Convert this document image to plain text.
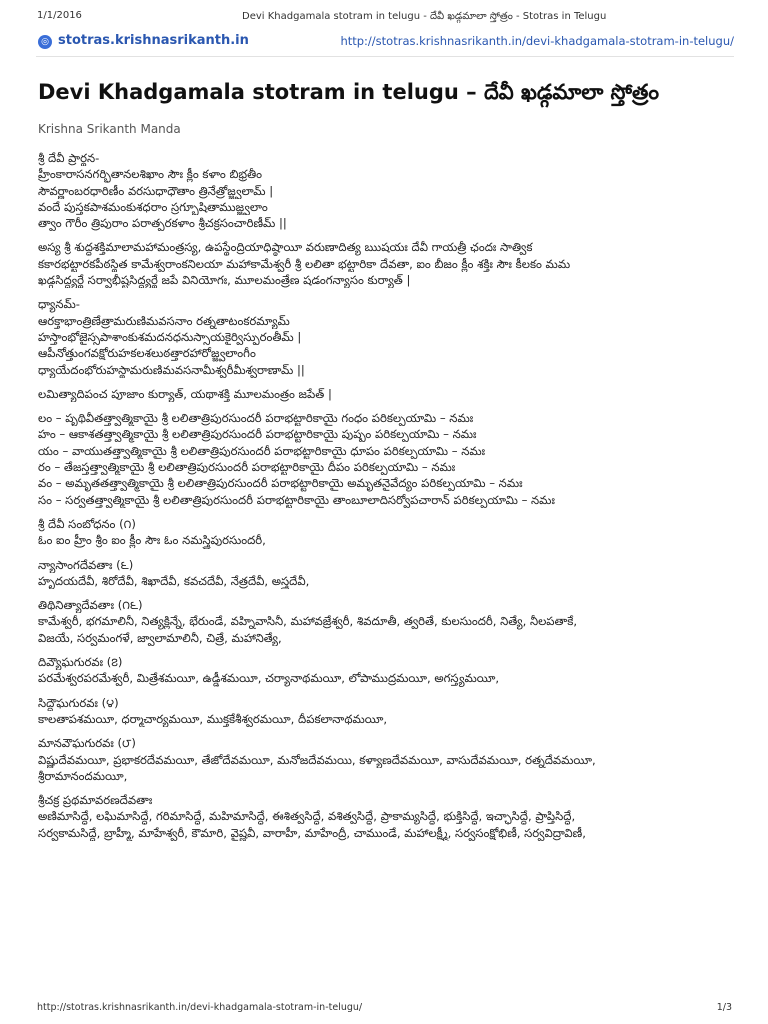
1/1/2016	Devi Khadgamala stotram in telugu - దేవీ ఖడ్గమాలా స్తోత్రం - Stotras in Telugu
◎ stotras.krishnasrikanth.in	http://stotras.krishnasrikanth.in/devi-khadgamala-stotram-in-telugu/
Devi Khadgamala stotram in telugu – దేవీ ఖడ్గమాలా స్తోత్రం
Krishna Srikanth Manda
శ్రీ దేవీ ప్రార్థన-
హ్రీంకారాసనగర్భితానలశిఖాం సౌః క్లీం కళాం బిభ్రతీం
సౌవర్ణాంబరధారిణీం వరసుధాధౌతాం త్రినేత్రోజ్జ్వలామ్ |
వందే పుస్తకపాశమంకుశధరాం స్రగ్భూషితాముజ్జ్వలాం
త్వాం గౌరీం త్రిపురాం పరాత్పరకళాం శ్రీచక్రసంచారిణీమ్ ||
అస్య శ్రీ శుద్ధశక్తిమాలామహామంత్రస్య, ఉపస్థేంద్రియాధిష్ఠాయీ వరుణాదిత్య ఋషయః దేవీ గాయత్రీ ఛందః సాత్విక
కకారభట్టారకపీఠస్థిత కామేశ్వరాంకనిలయా మహాకామేశ్వరీ శ్రీ లలితా భట్టారికా దేవతా, ఐం బీజం క్లీం శక్తిః సౌః కీలకం మమ
ఖడ్గసిద్ధ్యర్థే సర్వాభీష్టసిద్ధ్యర్థే జపే వినియోగః, మూలమంత్రేణ షడంగన్యాసం కుర్యాత్ |
ధ్యానమ్-
ఆరక్తాభాంత్రిణేత్రామరుణిమవసనాం రత్నతాటంకరమ్యామ్
హస్తాంభోజైస్సపాశాంకుశమదనధనుస్సాయకైర్విస్ఫురంతీమ్ |
ఆపీనోత్తుంగవక్షోరుహకలశలుఠత్తారహారోజ్జ్వలాంగీం
ధ్యాయేదంభోరుహస్థామరుణిమవసనామీశ్వరీమీశ్వరాణామ్ ||
లమిత్యాదిపంచ పూజాం కుర్యాత్, యథాశక్తి మూలమంత్రం జపేత్ |
లం – పృథివీతత్త్వాత్మికాయై శ్రీ లలితాత్రిపురసుందరీ పరాభట్టారికాయై గంధం పరికల్పయామి – నమః
హం – ఆకాశతత్త్వాత్మికాయై శ్రీ లలితాత్రిపురసుందరీ పరాభట్టారికాయై పుష్పం పరికల్పయామి – నమః
యం – వాయుతత్త్వాత్మికాయై శ్రీ లలితాత్రిపురసుందరీ పరాభట్టారికాయై ధూపం పరికల్పయామి – నమః
రం – తేజస్తత్త్వాత్మికాయై శ్రీ లలితాత్రిపురసుందరీ పరాభట్టారికాయై దీపం పరికల్పయామి – నమః
వం – అమృతతత్త్వాత్మికాయై శ్రీ లలితాత్రిపురసుందరీ పరాభట్టారికాయై అమృతనైవేద్యం పరికల్పయామి – నమః
సం – సర్వతత్త్వాత్మికాయై శ్రీ లలితాత్రిపురసుందరీ పరాభట్టారికాయై తాంబూలాదిసర్వోపచారాన్ పరికల్పయామి – నమః
శ్రీ దేవీ సంబోధనం (౧)
ఓం ఐం హ్రీం శ్రీం ఐం క్లీం సౌః ఓం నమస్త్రిపురసుందరీ,
న్యాసాంగదేవతాః (౬)
హృదయదేవీ, శిరోదేవీ, శిఖాదేవీ, కవచదేవీ, నేత్రదేవీ, అస్త్రదేవీ,
తిథినిత్యాదేవతాః (౧౬)
కామేశ్వరీ, భగమాలినీ, నిత్యక్లిన్నే, భేరుండే, వహ్నివాసినీ, మహావజ్రేశ్వరీ, శివదూతీ, త్వరితే, కులసుందరీ, నిత్యే, నీలపతాకే,
విజయే, సర్వమంగళే, జ్వాలామాలినీ, చిత్రే, మహానిత్యే,
దివ్యౌఘగురవః (౭)
పరమేశ్వరపరమేశ్వరీ, మిత్రేశమయీ, ఉడ్డీశమయీ, చర్యానాథమయీ, లోపాముద్రమయీ, అగస్త్యమయీ,
సిద్ధౌఘగురవః (౪)
కాలతాపశమయీ, ధర్మాచార్యమయీ, ముక్తకేశీశ్వరమయీ, దీపకలానాథమయీ,
మానవౌఘగురవః (౮)
విష్ణుదేవమయీ, ప్రభాకరదేవమయీ, తేజోదేవమయీ, మనోజదేవమయి, కళ్యాణదేవమయీ, వాసుదేవమయీ, రత్నదేవమయీ,
శ్రీరామానందమయీ,
శ్రీచక్ర ప్రథమావరణదేవతాః
అణిమాసిద్ధే, లఘిమాసిద్ధే, గరిమాసిద్ధే, మహిమాసిద్ధే, ఈశిత్వసిద్ధే, వశిత్వసిద్ధే, ప్రాకామ్యసిద్ధే, భుక్తిసిద్ధే, ఇచ్ఛాసిద్ధే, ప్రాప్తిసిద్ధే,
సర్వకామసిద్ధే, బ్రాహ్మీ, మాహేశ్వరీ, కౌమారి, వైష్ణవీ, వారాహీ, మాహేంద్రీ, చాముండే, మహాలక్ష్మీ, సర్వసంక్షోభిణీ, సర్వవిద్రావిణీ,
http://stotras.krishnasrikanth.in/devi-khadgamala-stotram-in-telugu/	1/3
